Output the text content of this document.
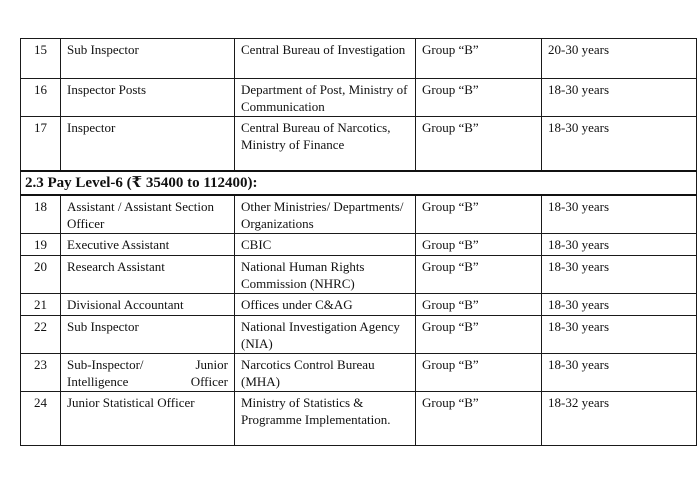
15	Sub Inspector	Central Bureau of Investigation	Group “B”	20-30 years
16	Inspector Posts	Department of Post, Ministry of Communication	Group “B”	18-30 years
17	Inspector	Central Bureau of Narcotics, Ministry of Finance	Group “B”	18-30 years
2.3 Pay Level-6 (₹ 35400 to 112400):				
18	Assistant / Assistant Section Officer	Other Ministries/ Departments/ Organizations	Group “B”	18-30 years
19	Executive Assistant	CBIC	Group “B”	18-30 years
20	Research Assistant	National Human Rights Commission (NHRC)	Group “B”	18-30 years
21	Divisional Accountant	Offices under C&AG	Group “B”	18-30 years
22	Sub Inspector	National Investigation Agency (NIA)	Group “B”	18-30 years
23	Sub-Inspector/ Junior Intelligence Officer	Narcotics Control Bureau (MHA)	Group “B”	18-30 years
24	Junior Statistical Officer	Ministry of Statistics & Programme Implementation.	Group “B”	18-32 years
